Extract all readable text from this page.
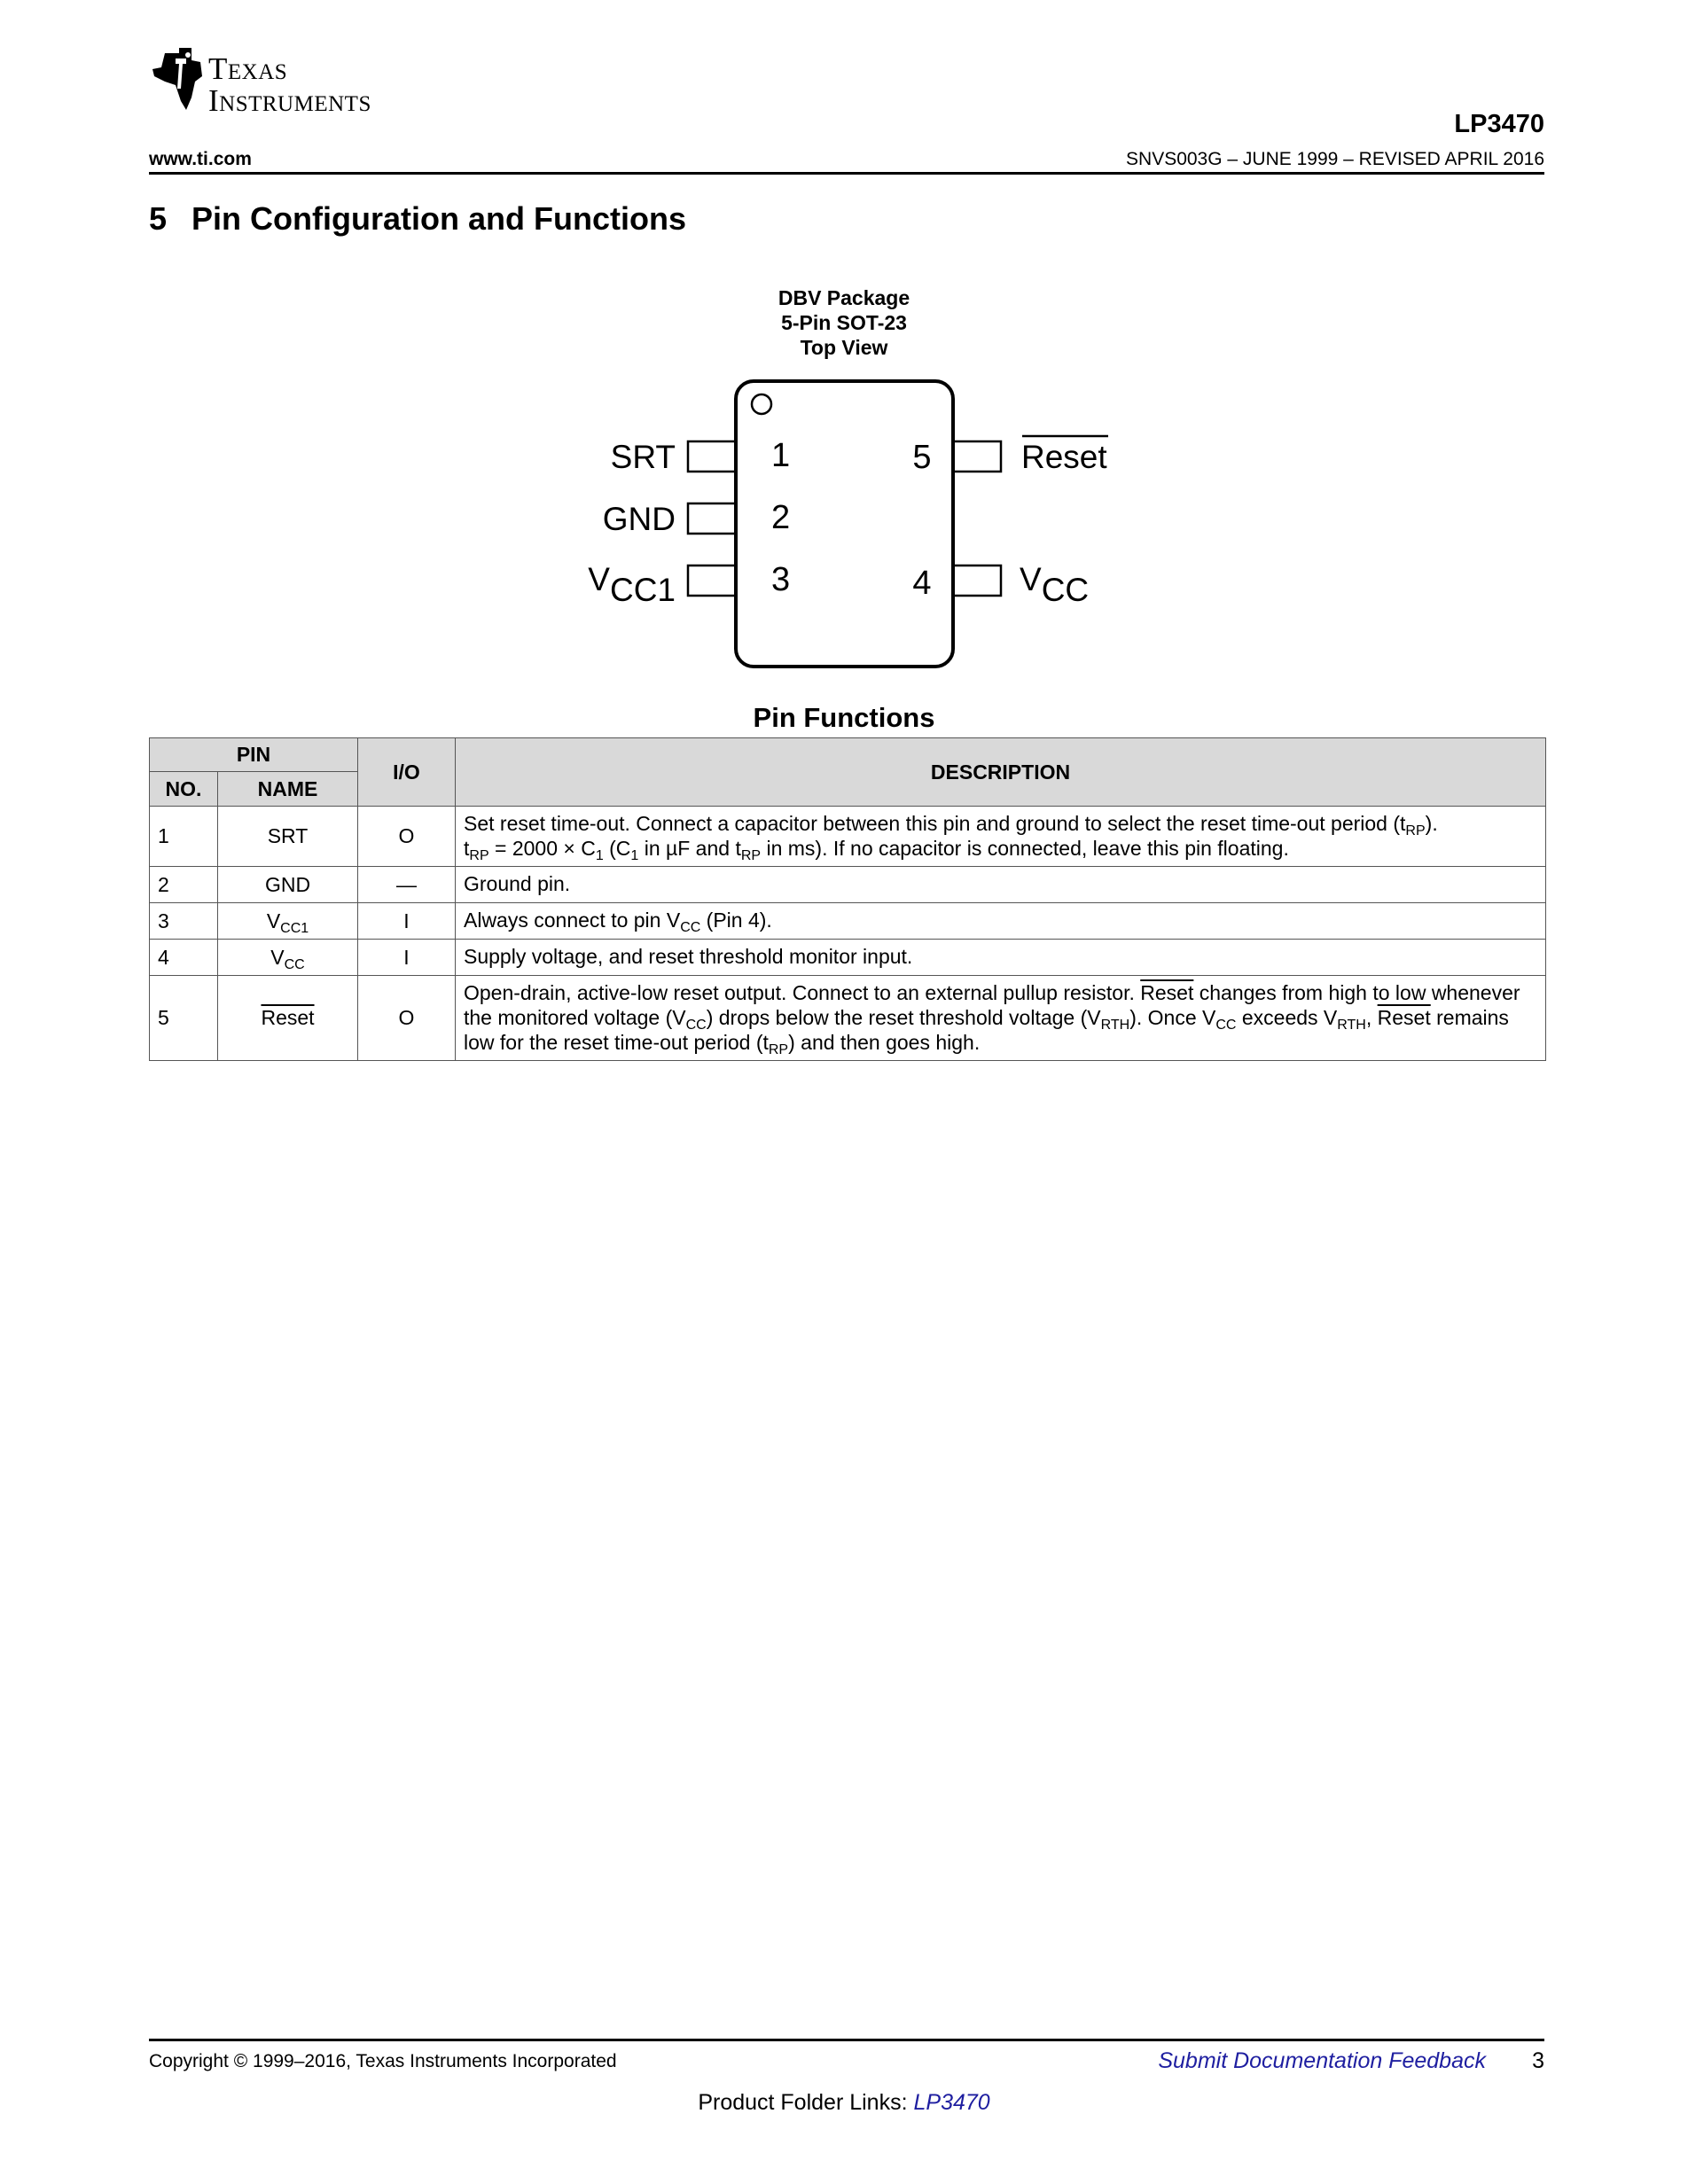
Texas
Instruments
LP3470
www.ti.com	SNVS003G – JUNE 1999 – REVISED APRIL 2016
5 Pin Configuration and Functions
DBV Package
5-Pin SOT-23
Top View
1
2
3
5
4
SRT
GND
VCC1
Reset
VCC
Pin Functions
PIN		I/O	DESCRIPTION
NO.	NAME		
1	SRT	O	Set reset time-out. Connect a capacitor between this pin and ground to select the reset time-out period $(t_{RP})$.
$t_{RP} = 2000 \times C_1$ ($C_1$ in µF and $t_{RP}$ in ms). If no capacitor is connected, leave this pin floating.
2	GND	—	Ground pin.
3	$V_{CC1}$	I	Always connect to pin $V_{CC}$ (Pin 4).
4	$V_{CC}$	I	Supply voltage, and reset threshold monitor input.
5	Reset	O	Open-drain, active-low reset output. Connect to an external pullup resistor. Reset changes from high to low whenever the monitored voltage $(V_{CC})$ drops below the reset threshold voltage $(V_{RTH})$. Once $V_{CC}$ exceeds $V_{RTH}$, Reset remains low for the reset time-out period $(t_{RP})$ and then goes high.
Copyright © 1999–2016, Texas Instruments Incorporated	Submit Documentation Feedback 3
Product Folder Links: LP3470
